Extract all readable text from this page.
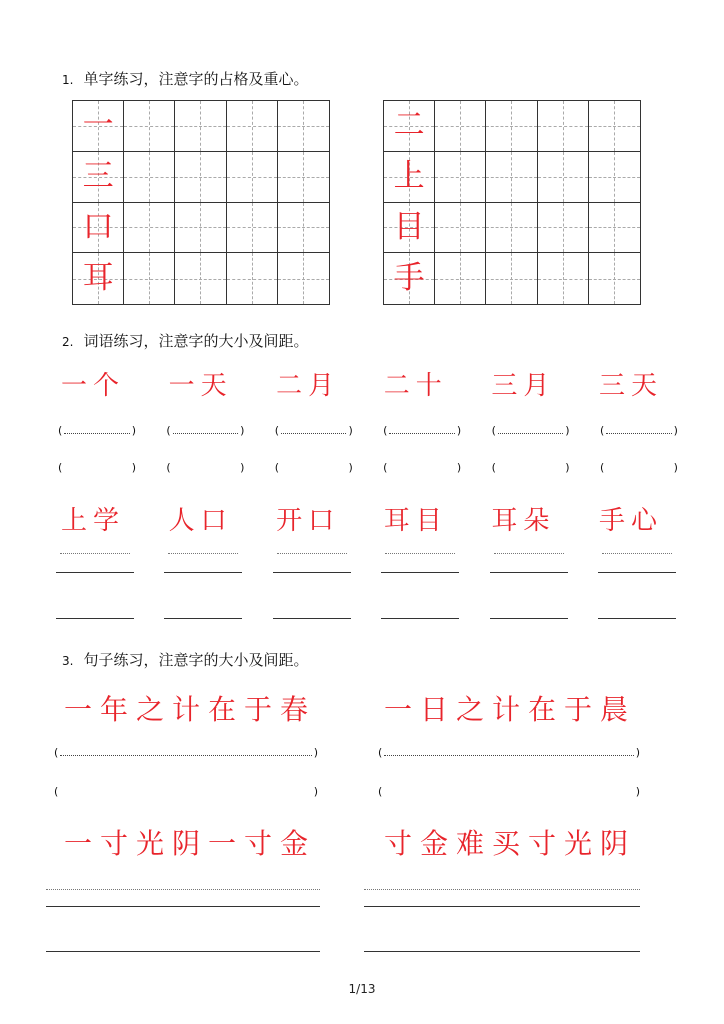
1. 单字练习，注意字的占格及重心。
一
三
口
耳
二
上
目
手
2. 词语练习，注意字的大小及间距。
一个 一天 二月 二十 三月 三天
(	)	(	)	(	)	(	)	(	)	(	)
(	)	(	)	(	)	(	)	(	)	(	)
上学 人口 开口 耳目 耳朵 手心
3. 句子练习，注意字的大小及间距。
一年之计在于春 一日之计在于晨
(	)	(	)
(	)	(	)
一寸光阴一寸金 寸金难买寸光阴
1/13
